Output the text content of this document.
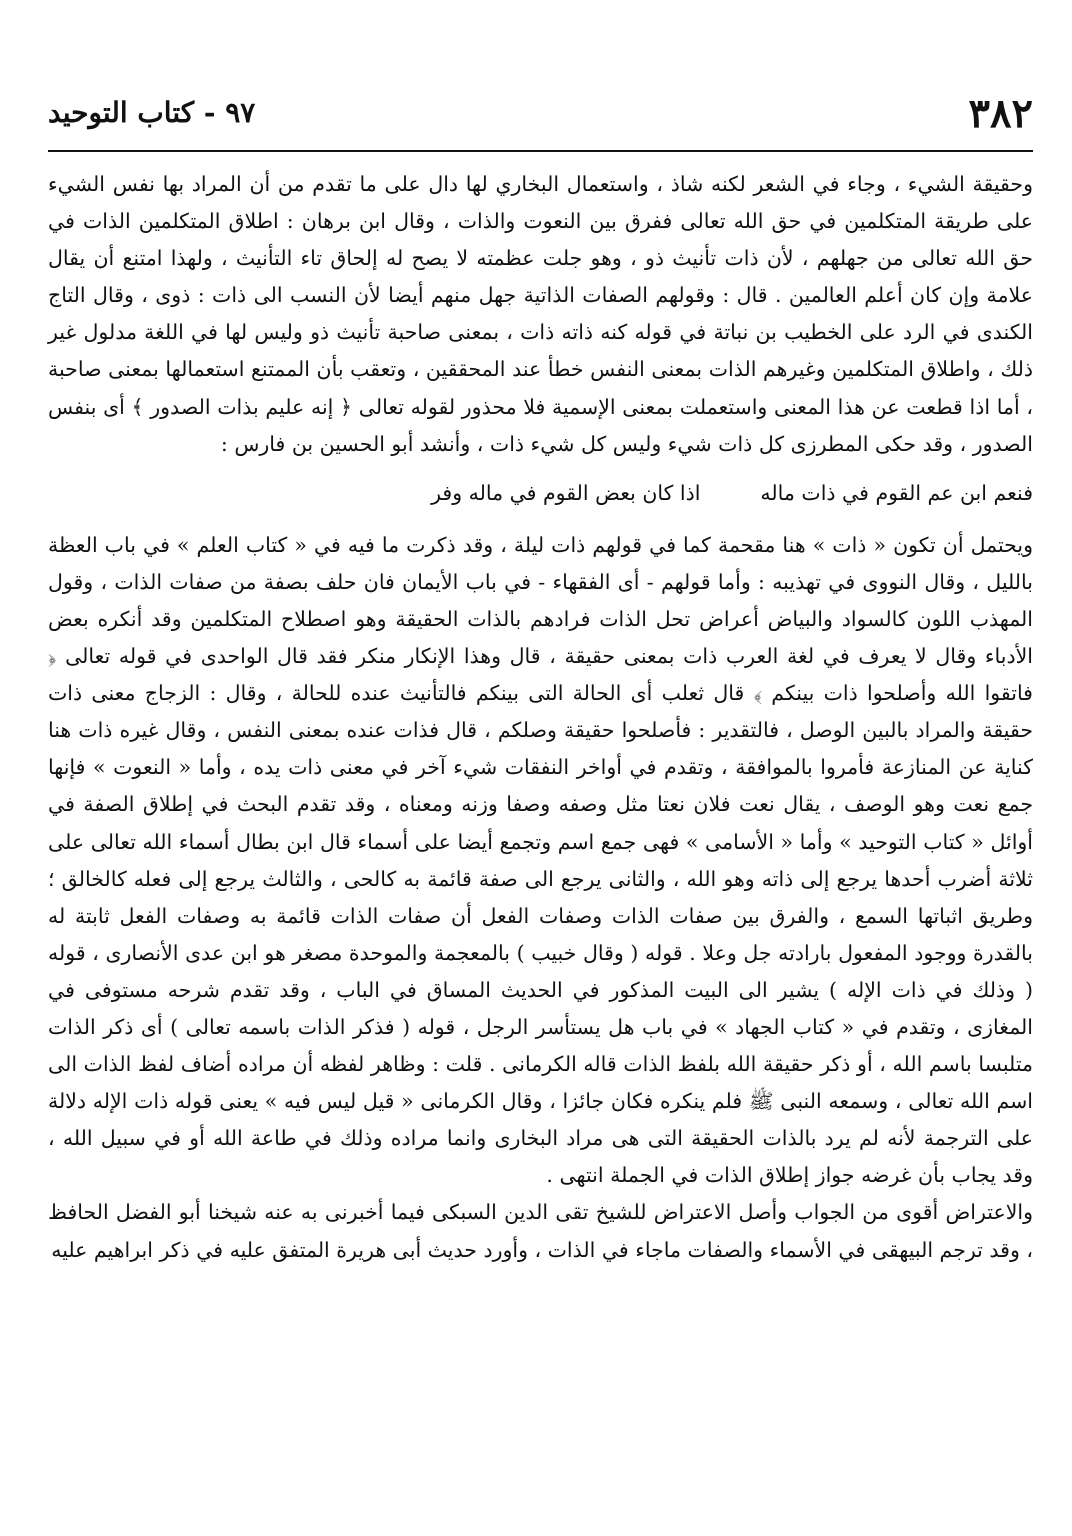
٣٨٢
٩٧ - كتاب التوحيد

وحقيقة الشيء ، وجاء في الشعر لكنه شاذ ، واستعمال البخاري لها دال على ما تقدم من أن المراد بها نفس الشيء على طريقة المتكلمين في حق الله تعالى ففرق بين النعوت والذات ، وقال ابن برهان : اطلاق المتكلمين الذات في حق الله تعالى من جهلهم ، لأن ذات تأنيث ذو ، وهو جلت عظمته لا يصح له إلحاق تاء التأنيث ، ولهذا امتنع أن يقال علامة وإن كان أعلم العالمين . قال : وقولهم الصفات الذاتية جهل منهم أيضا لأن النسب الى ذات : ذوى ، وقال التاج الكندى في الرد على الخطيب بن نباتة في قوله كنه ذاته ذات ، بمعنى صاحبة تأنيث ذو وليس لها في اللغة مدلول غير ذلك ، واطلاق المتكلمين وغيرهم الذات بمعنى النفس خطأ عند المحققين ، وتعقب بأن الممتنع استعمالها بمعنى صاحبة ، أما اذا قطعت عن هذا المعنى واستعملت بمعنى الإسمية فلا محذور لقوله تعالى ﴿ إنه عليم بذات الصدور ﴾ أى بنفس الصدور ، وقد حكى المطرزى كل ذات شيء وليس كل شيء ذات ، وأنشد أبو الحسين بن فارس :

فنعم ابن عم القوم في ذات مالهاذا كان بعض القوم في ماله وفر

ويحتمل أن تكون « ذات » هنا مقحمة كما في قولهم ذات ليلة ، وقد ذكرت ما فيه في « كتاب العلم » في باب العظة بالليل ، وقال النووى في تهذيبه : وأما قولهم - أى الفقهاء - في باب الأيمان فان حلف بصفة من صفات الذات ، وقول المهذب اللون كالسواد والبياض أعراض تحل الذات فرادهم بالذات الحقيقة وهو اصطلاح المتكلمين وقد أنكره بعض الأدباء وقال لا يعرف في لغة العرب ذات بمعنى حقيقة ، قال وهذا الإنكار منكر فقد قال الواحدى في قوله تعالى ﴿ فاتقوا الله وأصلحوا ذات بينكم ﴾ قال ثعلب أى الحالة التى بينكم فالتأنيث عنده للحالة ، وقال : الزجاج معنى ذات حقيقة والمراد بالبين الوصل ، فالتقدير : فأصلحوا حقيقة وصلكم ، قال فذات عنده بمعنى النفس ، وقال غيره ذات هنا كناية عن المنازعة فأمروا بالموافقة ، وتقدم في أواخر النفقات شيء آخر في معنى ذات يده ، وأما « النعوت » فإنها جمع نعت وهو الوصف ، يقال نعت فلان نعتا مثل وصفه وصفا وزنه ومعناه ، وقد تقدم البحث في إطلاق الصفة في أوائل « كتاب التوحيد » وأما « الأسامى » فهى جمع اسم وتجمع أيضا على أسماء قال ابن بطال أسماء الله تعالى على ثلاثة أضرب أحدها يرجع إلى ذاته وهو الله ، والثانى يرجع الى صفة قائمة به كالحى ، والثالث يرجع إلى فعله كالخالق ؛ وطريق اثباتها السمع ، والفرق بين صفات الذات وصفات الفعل أن صفات الذات قائمة به وصفات الفعل ثابتة له بالقدرة ووجود المفعول بارادته جل وعلا . قوله ( وقال خبيب ) بالمعجمة والموحدة مصغر هو ابن عدى الأنصارى ، قوله ( وذلك في ذات الإله ) يشير الى البيت المذكور في الحديث المساق في الباب ، وقد تقدم شرحه مستوفى في المغازى ، وتقدم في « كتاب الجهاد » في باب هل يستأسر الرجل ، قوله ( فذكر الذات باسمه تعالى ) أى ذكر الذات متلبسا باسم الله ، أو ذكر حقيقة الله بلفظ الذات قاله الكرمانى . قلت : وظاهر لفظه أن مراده أضاف لفظ الذات الى اسم الله تعالى ، وسمعه النبى ﷺ فلم ينكره فكان جائزا ، وقال الكرمانى « قيل ليس فيه » يعنى قوله ذات الإله دلالة على الترجمة لأنه لم يرد بالذات الحقيقة التى هى مراد البخارى وانما مراده وذلك في طاعة الله أو في سبيل الله ، وقد يجاب بأن غرضه جواز إطلاق الذات في الجملة انتهى .

والاعتراض أقوى من الجواب وأصل الاعتراض للشيخ تقى الدين السبكى فيما أخبرنى به عنه شيخنا أبو الفضل الحافظ ، وقد ترجم البيهقى في الأسماء والصفات ماجاء في الذات ، وأورد حديث أبى هريرة المتفق عليه في ذكر ابراهيم عليه
